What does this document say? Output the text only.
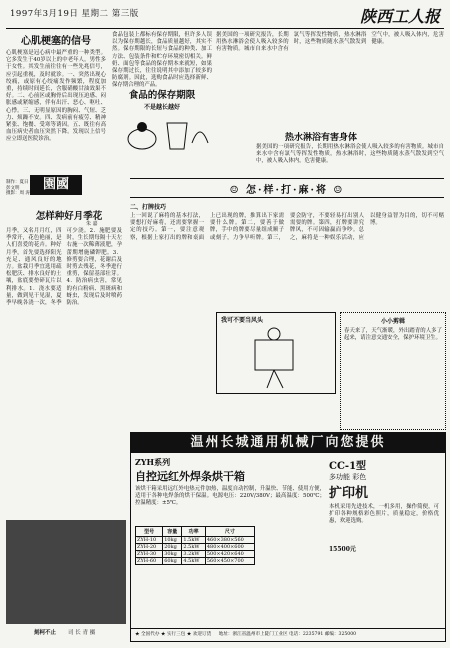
1997年3月19日 星期二 第三版	陕西工人报
心肌梗塞的信号
心肌梗塞是冠心病中最严重的一种类型。它多发生于40岁以上的中老年人，男性多于女性。其发生前往往有一些先兆信号，应引起重视，及时就诊。一、突然出现心绞痛，或原有心绞痛发作频繁，程度加重，持续时间延长，含服硝酸甘油效果不好。二、心前区或胸骨后出现压迫感、闷胀感或紧缩感，伴有出汗、恶心、呕吐、心悸。三、无明显原因的胸闷、气短、乏力、烦躁不安。四、发病前有疲劳、精神紧张、饱餐、受寒等诱因。五、既往有高血压病史者血压突然下降。发现以上信号应立即送医院诊治。
園國
制作：夏日 彭文明
摄影：周 涛
怎样种好月季花
朱 嘉
月季，又名月月红，四季常开，花色艳丽，是人们喜爱的花卉。种好月季，首先要选择阳光充足、通风良好的地方。盆栽月季宜选用疏松肥沃、排水良好的土壤，盆底要垫碎瓦片以利排水。1．浇水要适量，做到见干见湿，夏季早晚各浇一次，冬季可少浇。2．施肥要及时，生长期每隔十天左右施一次稀薄液肥，孕蕾期增施磷钾肥。3．修剪要合理，花谢后及时剪去残花，冬季进行重剪，保留基部壮芽。4．防治病虫害，常见的有白粉病、黑斑病和蚜虫，发现后及时喷药防治。
食品包装上都标有保存期限，但许多人误以为保存期越长，食品质量越好，其实不然。保存期限的长短与食品的种类、加工方法、包装条件和贮存环境密切相关。鲜奶、面包等食品的保存期本来就短，如果保存期过长，往往说明其中添加了较多的防腐剂。因此，选购食品时应选择新鲜、保存期合理的产品。
食品的保存期限
不是越长越好
据美国的一项研究报告，长期用热水淋浴会使人吸入较多的有害物质。城市自来水中含有氯气等挥发性物质，热水淋浴时，这些物质随水蒸气散发到空气中，被人吸入体内，危害健康。
热水淋浴有害身体
据美国的一项研究报告，长期用热水淋浴会使人吸入较多的有害物质。城市自来水中含有氯气等挥发性物质，热水淋浴时，这些物质随水蒸气散发到空气中，被人吸入体内，危害健康。
☺ 怎·样·打·麻·将 ☺
二、打牌技巧
上一回说了麻将的基本打法，要想打好麻将，还需要掌握一定的技巧。第一，要注意观察，根据上家打出的牌和桌面上已出现的牌，推算出下家需要什么牌。第二，要善于做牌，手中的牌要尽量组成顺子或刻子，力争早听牌。第三，要会防守，不要轻易打出别人需要的牌。第四，打牌要讲究牌风，不可因输赢而争吵。总之，麻将是一种娱乐活动，应以健身益智为目的，切不可赌博。
我可不要当风头	小小剪辑
春天来了，天气渐暖，外出踏青的人多了起来，请注意交通安全，保护环境卫生。
刻柯不止 司 长 青 摄
温州长城通用机械厂向您提供
ZYH系列
自控远红外焊条烘干箱
该烘干箱采用远红外电热元件加热，温度自动控制，升温快、节能、使用方便，适用于各种电焊条的烘干保温。电源电压：220V/380V；最高温度：500℃；控温精度：±5℃。
型号	容量	功率	尺寸
ZYH-10	10kg	1.5kW	460×380×560
ZYH-20	20kg	2.5kW	480×400×600
ZYH-30	30kg	3.2kW	500×420×640
ZYH-60	60kg	4.5kW	560×450×700
CC-1型
多功能 彩色
扩印机
本机采用先进技术，一机多用，操作简便，可扩印各种规格彩色照片，质量稳定，价格优惠，欢迎选购。
15500元
★ 全国代办 ★ 实行三包 ★ 欢迎订货 地址：浙江省温州市上陡门工业区 电话：2235791 邮编：325000
